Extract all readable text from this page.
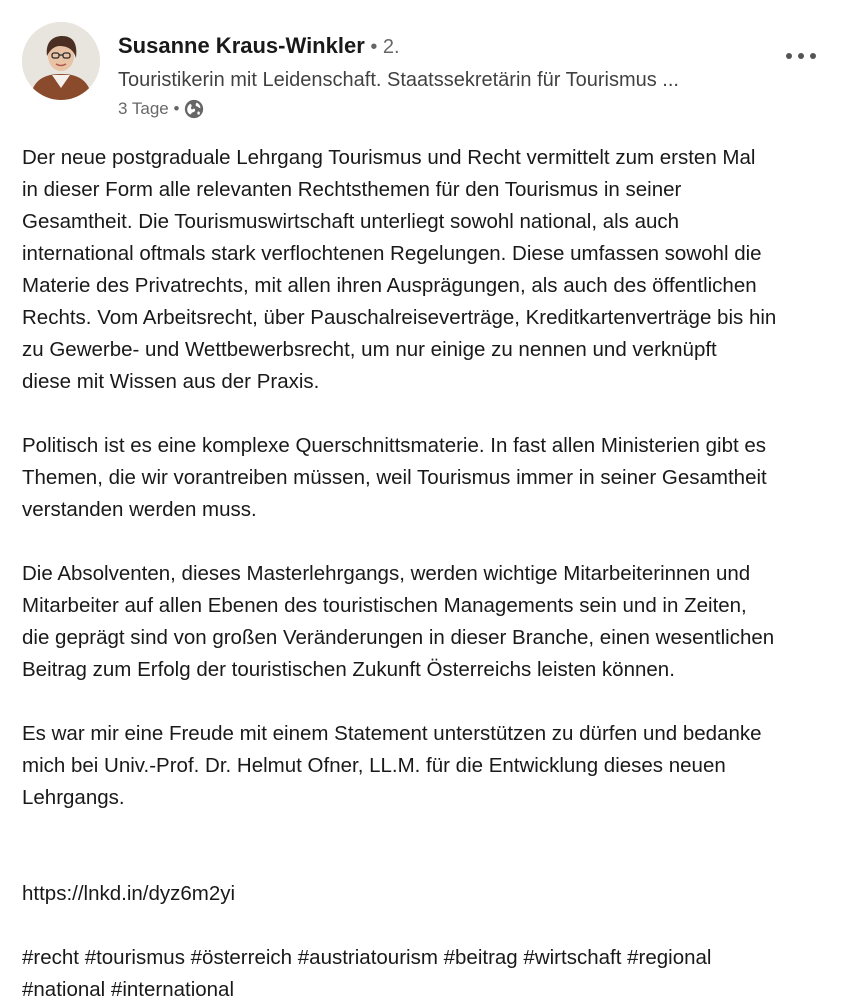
Susanne Kraus-Winkler • 2.
Touristikerin mit Leidenschaft. Staatssekretärin für Tourismus ...
3 Tage •

Der neue postgraduale Lehrgang Tourismus und Recht vermittelt zum ersten Mal
in dieser Form alle relevanten Rechtsthemen für den Tourismus in seiner
Gesamtheit. Die Tourismuswirtschaft unterliegt sowohl national, als auch
international oftmals stark verflochtenen Regelungen. Diese umfassen sowohl die
Materie des Privatrechts, mit allen ihren Ausprägungen, als auch des öffentlichen
Rechts. Vom Arbeitsrecht, über Pauschalreiseverträge, Kreditkartenverträge bis hin
zu Gewerbe- und Wettbewerbsrecht, um nur einige zu nennen und verknüpft
diese mit Wissen aus der Praxis.

Politisch ist es eine komplexe Querschnittsmaterie. In fast allen Ministerien gibt es
Themen, die wir vorantreiben müssen, weil Tourismus immer in seiner Gesamtheit
verstanden werden muss.

Die Absolventen, dieses Masterlehrgangs, werden wichtige Mitarbeiterinnen und
Mitarbeiter auf allen Ebenen des touristischen Managements sein und in Zeiten,
die geprägt sind von großen Veränderungen in dieser Branche, einen wesentlichen
Beitrag zum Erfolg der touristischen Zukunft Österreichs leisten können.

Es war mir eine Freude mit einem Statement unterstützen zu dürfen und bedanke
mich bei Univ.-Prof. Dr. Helmut Ofner, LL.M. für die Entwicklung dieses neuen
Lehrgangs.

https://lnkd.in/dyz6m2yi

#recht #tourismus #österreich #austriatourism #beitrag #wirtschaft #regional
#national #international
